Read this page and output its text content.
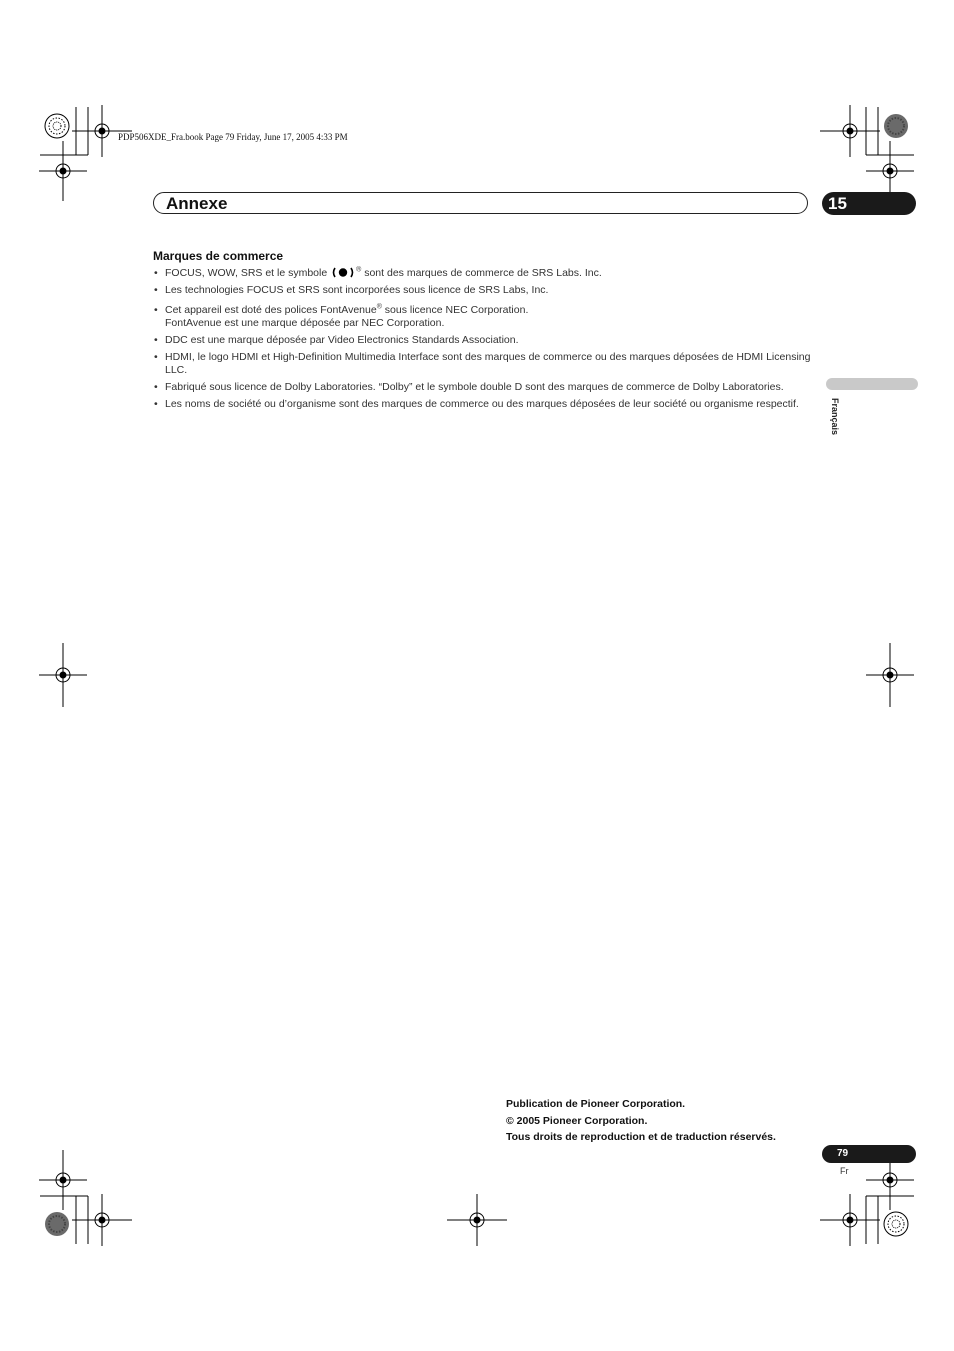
PDP506XDE_Fra.book Page 79 Friday, June 17, 2005 4:33 PM
Annexe	15
Français
Marques de commerce
• FOCUS, WOW, SRS et le symbole	® sont des marques de commerce de SRS Labs. Inc.
• Les technologies FOCUS et SRS sont incorporées sous licence de SRS Labs, Inc.
• Cet appareil est doté des polices FontAvenue® sous licence NEC Corporation.
FontAvenue est une marque déposée par NEC Corporation.
• DDC est une marque déposée par Video Electronics Standards Association.
• HDMI, le logo HDMI et High-Definition Multimedia Interface sont des marques de commerce ou des marques déposées de HDMI Licensing LLC.
• Fabriqué sous licence de Dolby Laboratories. “Dolby” et le symbole double D sont des marques de commerce de Dolby Laboratories.
• Les noms de société ou d’organisme sont des marques de commerce ou des marques déposées de leur société ou organisme respectif.
Publication de Pioneer Corporation.
© 2005 Pioneer Corporation.
Tous droits de reproduction et de traduction réservés.
79
Fr
